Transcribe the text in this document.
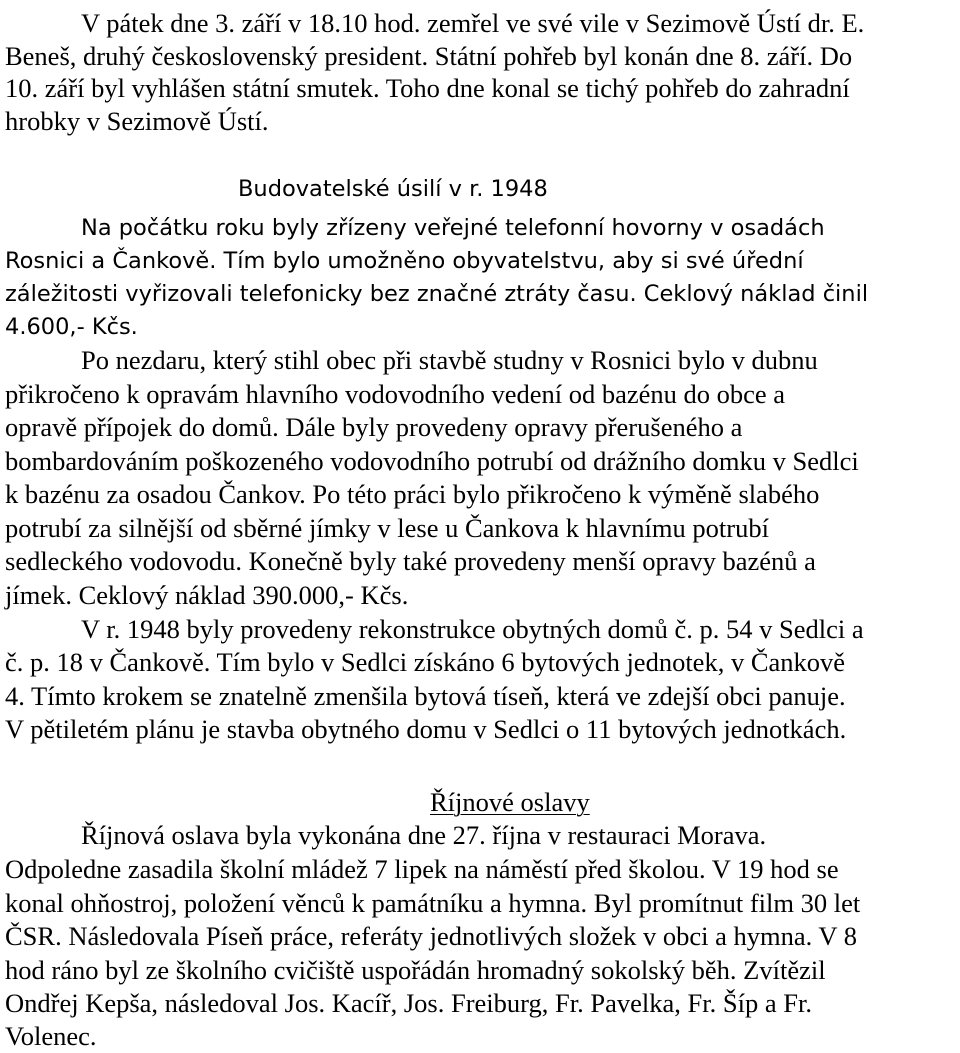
V pátek dne 3. září v 18.10 hod. zemřel ve své vile v Sezimově Ústí dr. E.
Beneš, druhý československý president. Státní pohřeb byl konán dne 8. září. Do
10. září byl vyhlášen státní smutek. Toho dne konal se tichý pohřeb do zahradní
hrobky v Sezimově Ústí.
Budovatelské úsilí v r. 1948
Na počátku roku byly zřízeny veřejné telefonní hovorny v osadách
Rosnici a Čankově. Tím bylo umožněno obyvatelstvu, aby si své úřední
záležitosti vyřizovali telefonicky bez značné ztráty času. Ceklový náklad činil
4.600,- Kčs.
Po nezdaru, který stihl obec při stavbě studny v Rosnici bylo v dubnu
přikročeno k opravám hlavního vodovodního vedení od bazénu do obce a
opravě přípojek do domů. Dále byly provedeny opravy přerušeného a
bombardováním poškozeného vodovodního potrubí od drážního domku v Sedlci
k bazénu za osadou Čankov. Po této práci bylo přikročeno k výměně slabého
potrubí za silnější od sběrné jímky v lese u Čankova k hlavnímu potrubí
sedleckého vodovodu. Konečně byly také provedeny menší opravy bazénů a
jímek. Ceklový náklad 390.000,- Kčs.
V r. 1948 byly provedeny rekonstrukce obytných domů č. p. 54 v Sedlci a
č. p. 18 v Čankově. Tím bylo v Sedlci získáno 6 bytových jednotek, v Čankově
4. Tímto krokem se znatelně zmenšila bytová tíseň, která ve zdejší obci panuje.
V pětiletém plánu je stavba obytného domu v Sedlci o 11 bytových jednotkách.
Říjnové oslavy
Říjnová oslava byla vykonána dne 27. října v restauraci Morava.
Odpoledne zasadila školní mládež 7 lipek na náměstí před školou. V 19 hod se
konal ohňostroj, položení věnců k památníku a hymna. Byl promítnut film 30 let
ČSR. Následovala Píseň práce, referáty jednotlivých složek v obci a hymna. V 8
hod ráno byl ze školního cvičiště uspořádán hromadný sokolský běh. Zvítězil
Ondřej Kepša, následoval Jos. Kacíř, Jos. Freiburg, Fr. Pavelka, Fr. Šíp a Fr.
Volenec.
